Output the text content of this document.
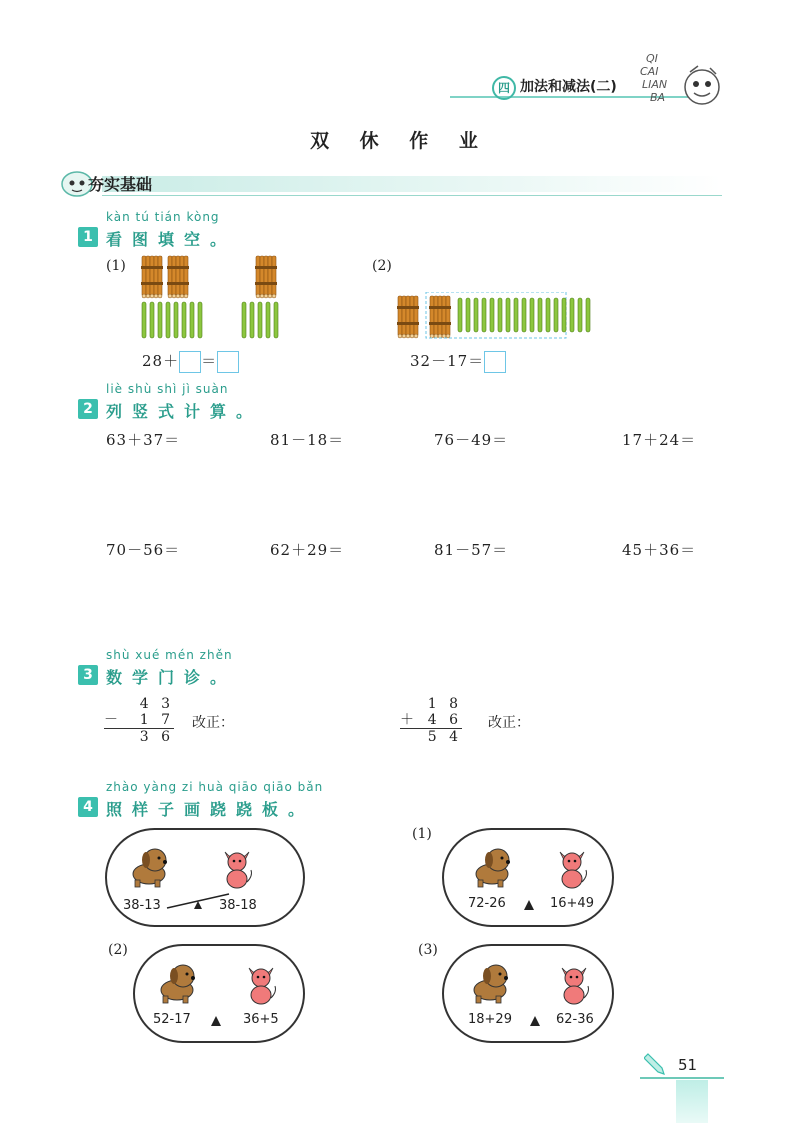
四 加法和减法(二)
QI
CAI
LIAN
BA
双 休 作 业
夯实基础
kàn tú tián kòng
1 看图填空。
(1)
28＋ ＝
(2)
32－17＝
liè shù shì jì suàn
2 列竖式计算。
63＋37＝	81－18＝	76－49＝	17＋24＝
70－56＝	62＋29＝	81－57＝	45＋36＝
shù xué mén zhěn
3 数学门诊。
4 3
－ 1 7
3 6
改正：
1 8
＋ 4 6
5 4
改正：
zhào yàng zi huà qiāo qiāo bǎn
4 照样子画跷跷板。
38-13	38-18
(1)
72-26	16+49
(2)
52-17	36+5
(3)
18+29	62-36
51
